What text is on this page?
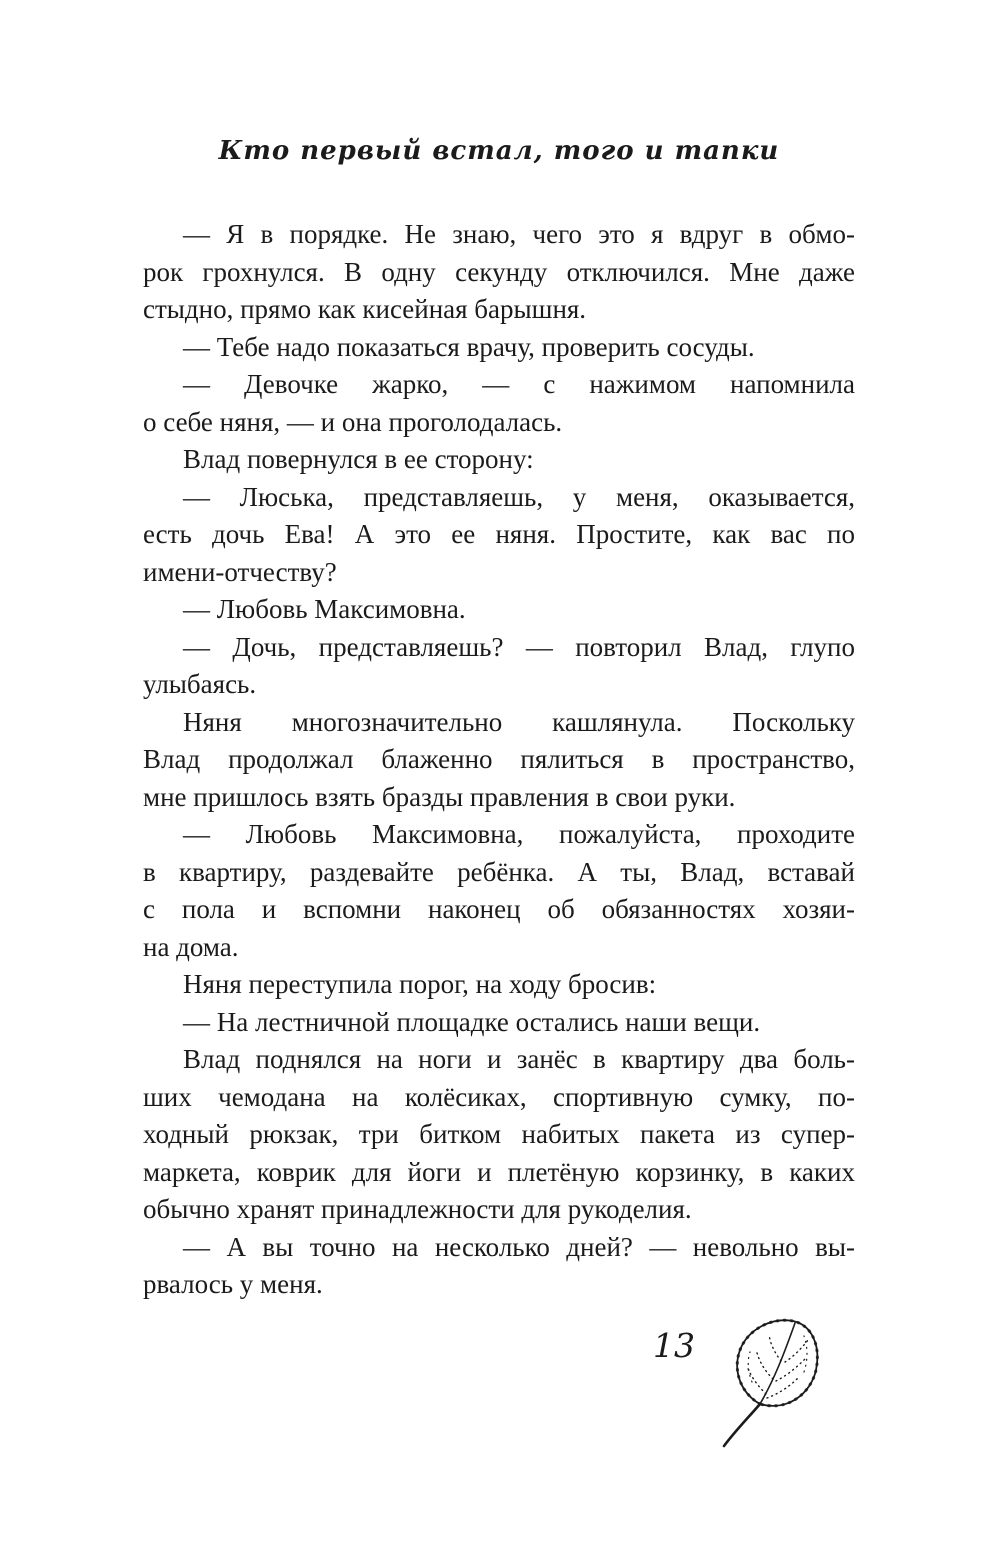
Кто первый встал, того и тапки

— Я в порядке. Не знаю, чего это я вдруг в обмо-
рок грохнулся. В одну секунду отключился. Мне даже
стыдно, прямо как кисейная барышня.

— Тебе надо показаться врачу, проверить сосуды.

— Девочке жарко, — с нажимом напомнила
о себе няня, — и она проголодалась.

Влад повернулся в ее сторону:

— Люська, представляешь, у меня, оказывается,
есть дочь Ева! А это ее няня. Простите, как вас по
имени-отчеству?

— Любовь Максимовна.

— Дочь, представляешь? — повторил Влад, глупо
улыбаясь.

Няня многозначительно кашлянула. Поскольку
Влад продолжал блаженно пялиться в пространство,
мне пришлось взять бразды правления в свои руки.

— Любовь Максимовна, пожалуйста, проходите
в квартиру, раздевайте ребёнка. А ты, Влад, вставай
с пола и вспомни наконец об обязанностях хозяи-
на дома.

Няня переступила порог, на ходу бросив:

— На лестничной площадке остались наши вещи.

Влад поднялся на ноги и занёс в квартиру два боль-
ших чемодана на колёсиках, спортивную сумку, по-
ходный рюкзак, три битком набитых пакета из супер-
маркета, коврик для йоги и плетёную корзинку, в каких
обычно хранят принадлежности для рукоделия.

— А вы точно на несколько дней? — невольно вы-
рвалось у меня.

13
